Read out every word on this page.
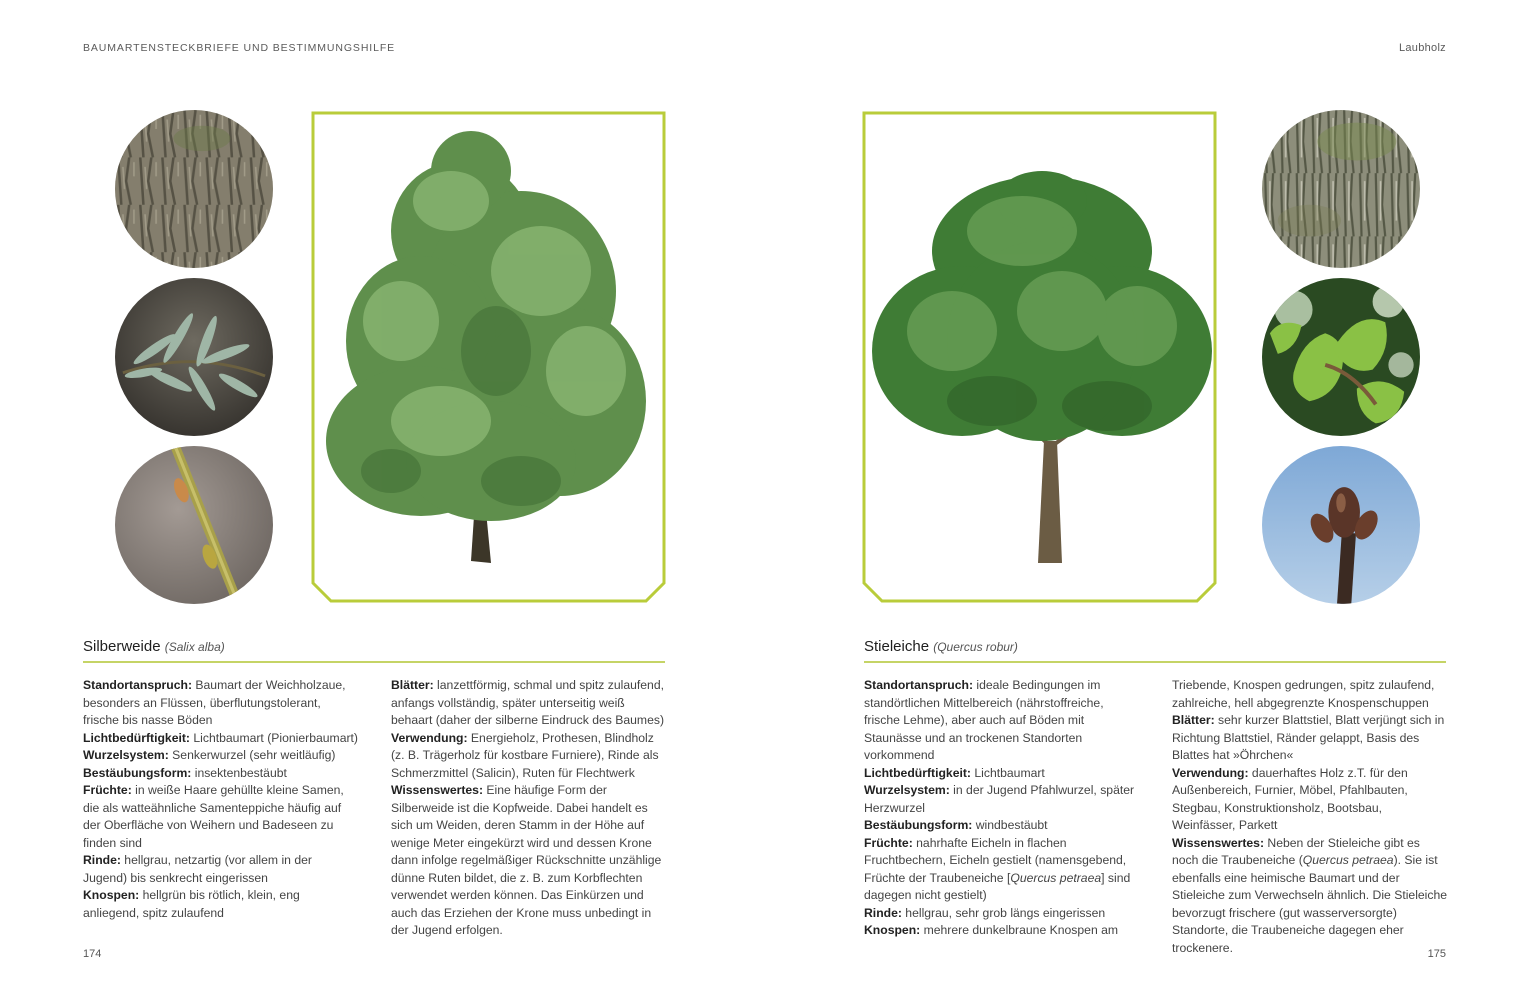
BAUMARTENSTECKBRIEFE UND BESTIMMUNGSHILFE	Laubholz
Silberweide (Salix alba)

Standortanspruch: Baumart der Weichholzaue, besonders an Flüssen, überflutungstolerant, frische bis nasse Böden

Lichtbedürftigkeit: Lichtbaumart (Pionierbaumart)

Wurzelsystem: Senkerwurzel (sehr weitläufig)

Bestäubungsform: insektenbestäubt

Früchte: in weiße Haare gehüllte kleine Samen, die als watteähnliche Samenteppiche häufig auf der Oberfläche von Weihern und Badeseen zu finden sind

Rinde: hellgrau, netzartig (vor allem in der Jugend) bis senkrecht eingerissen

Knospen: hellgrün bis rötlich, klein, eng anliegend, spitz zulaufend

Blätter: lanzettförmig, schmal und spitz zulaufend, anfangs vollständig, später unterseitig weiß behaart (daher der silberne Eindruck des Baumes)

Verwendung: Energieholz, Prothesen, Blindholz (z. B. Trägerholz für kostbare Furniere), Rinde als Schmerzmittel (Salicin), Ruten für Flechtwerk

Wissenswertes: Eine häufige Form der Silberweide ist die Kopfweide. Dabei handelt es sich um Weiden, deren Stamm in der Höhe auf wenige Meter eingekürzt wird und dessen Krone dann infolge regelmäßiger Rückschnitte unzählige dünne Ruten bildet, die z. B. zum Korbflechten verwendet werden können. Das Einkürzen und auch das Erziehen der Krone muss unbedingt in der Jugend erfolgen.

Stieleiche (Quercus robur)

Standortanspruch: ideale Bedingungen im standörtlichen Mittelbereich (nährstoffreiche, frische Lehme), aber auch auf Böden mit Staunässe und an trockenen Standorten vorkommend

Lichtbedürftigkeit: Lichtbaumart

Wurzelsystem: in der Jugend Pfahlwurzel, später Herzwurzel

Bestäubungsform: windbestäubt

Früchte: nahrhafte Eicheln in flachen Fruchtbechern, Eicheln gestielt (namensgebend, Früchte der Traubeneiche [Quercus petraea] sind dagegen nicht gestielt)

Rinde: hellgrau, sehr grob längs eingerissen

Knospen: mehrere dunkelbraune Knospen am

Triebende, Knospen gedrungen, spitz zulaufend, zahlreiche, hell abgegrenzte Knospenschuppen

Blätter: sehr kurzer Blattstiel, Blatt verjüngt sich in Richtung Blattstiel, Ränder gelappt, Basis des Blattes hat »Öhrchen«

Verwendung: dauerhaftes Holz z.T. für den Außenbereich, Furnier, Möbel, Pfahlbauten, Stegbau, Konstruktionsholz, Bootsbau, Weinfässer, Parkett

Wissenswertes: Neben der Stieleiche gibt es noch die Traubeneiche (Quercus petraea). Sie ist ebenfalls eine heimische Baumart und der Stieleiche zum Verwechseln ähnlich. Die Stieleiche bevorzugt frischere (gut wasserversorgte) Standorte, die Traubeneiche dagegen eher trockenere.

174	175
